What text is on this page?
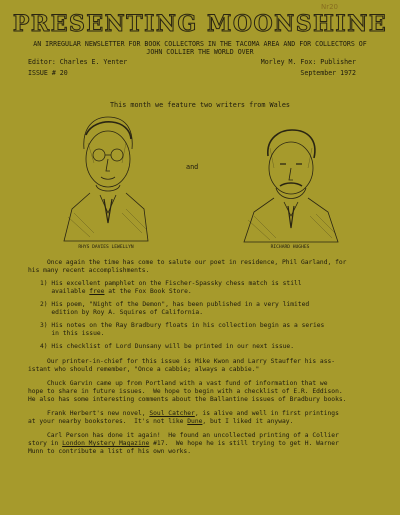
Nr20
PRESENTING MOONSHINE
AN IRREGULAR NEWSLETTER FOR BOOK COLLECTORS IN THE TACOMA AREA AND FOR COLLECTORS OF
JOHN COLLIER THE WORLD OVER
Editor: Charles E. Yenter	Morley M. Fox: Publisher
ISSUE # 20	September 1972
This month we feature two writers from Wales
RHYS DAVIES LEWELLYN
and
RICHARD HUGHES
Once again the time has come to salute our poet in residence, Phil Garland, for
his many recent accomplishments.
1) His excellent pamphlet on the Fischer-Spassky chess match is still
available free at the Fox Book Store.
2) His poem, "Night of the Demon", has been published in a very limited
edition by Roy A. Squires of California.
3) His notes on the Ray Bradbury floats in his collection begin as a series
in this issue.
4) His checklist of Lord Dunsany will be printed in our next issue.
Our printer-in-chief for this issue is Mike Kwon and Larry Stauffer his ass-
istant who should remember, "Once a cabbie; always a cabbie."
Chuck Garvin came up from Portland with a vast fund of information that we
hope to share in future issues.  We hope to begin with a checklist of E.R. Eddison.
He also has some interesting comments about the Ballantine issues of Bradbury books.
Frank Herbert's new novel, Soul Catcher, is alive and well in first printings
at your nearby bookstores.  It's not like Dune, but I liked it anyway.
Carl Person has done it again!  He found an uncollected printing of a Collier
story in London Mystery Magazine #17.  We hope he is still trying to get H. Warner
Munn to contribute a list of his own works.
